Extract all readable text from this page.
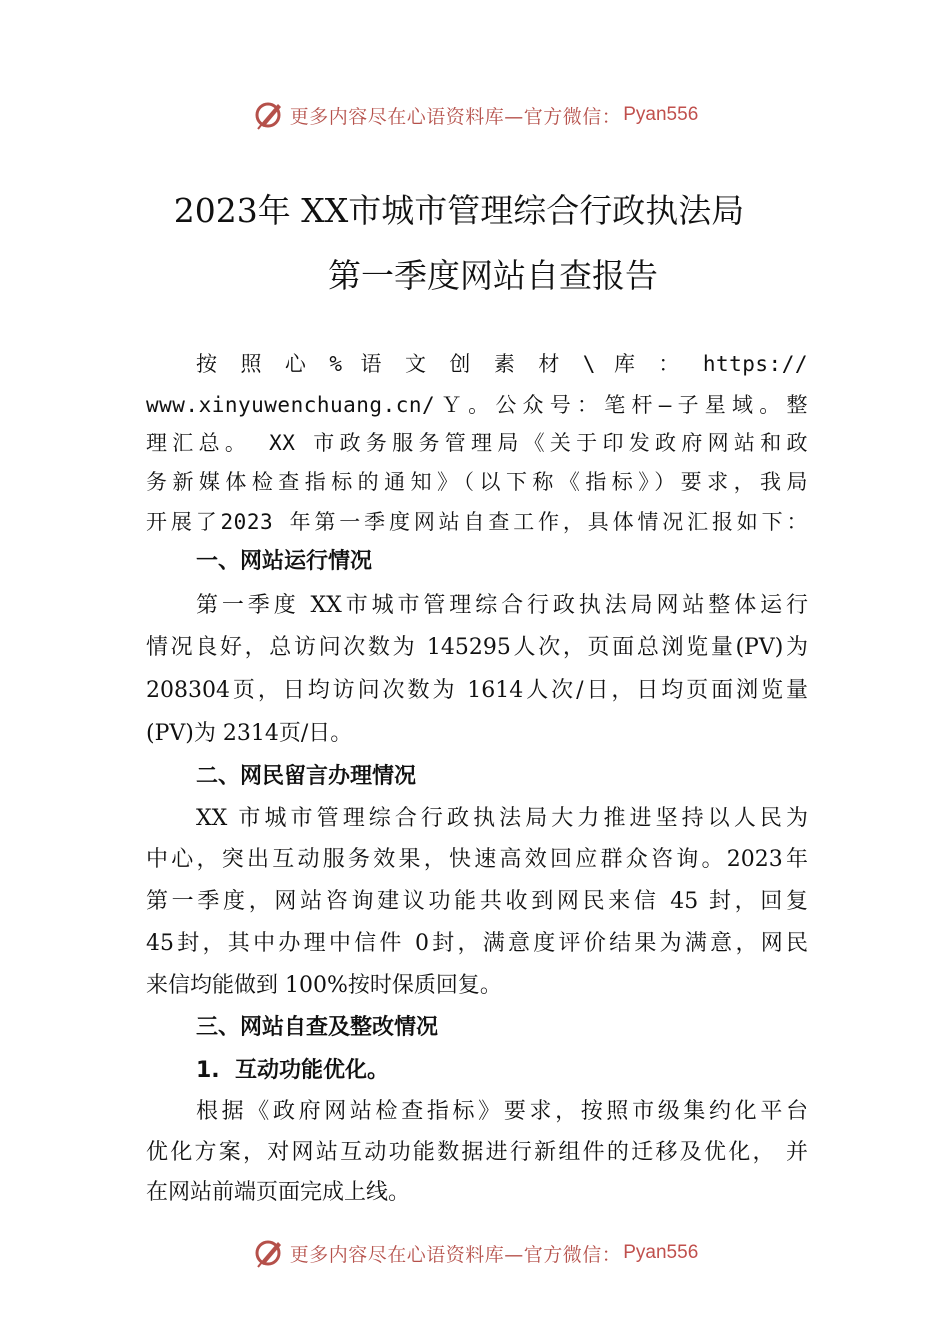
更多内容尽在心语资料库—官方微信： Pyan556
2023年 XX市城市管理综合行政执法局
第一季度网站自查报告
按 照 心 % 语 文 创 素 材 \ 库 ： https://
www.xinyuwenchuang.cn/Ｙ。公众号：笔杆—子星域。整
理汇总。 XX 市政务服务管理局《关于印发政府网站和政
务新媒体检查指标的通知》（以下称《指标》）要求，我局
开展了2023 年第一季度网站自查工作，具体情况汇报如下：
一、网站运行情况
第一季度 XX市城市管理综合行政执法局网站整体运行
情况良好，总访问次数为 145295人次，页面总浏览量(PV)为
208304页，日均访问次数为 1614人次/日，日均页面浏览量
(PV)为 2314页/日。
二、网民留言办理情况
XX 市城市管理综合行政执法局大力推进坚持以人民为
中心，突出互动服务效果，快速高效回应群众咨询。2023年
第一季度，网站咨询建议功能共收到网民来信 45 封，回复
45封，其中办理中信件 0封，满意度评价结果为满意，网民
来信均能做到 100%按时保质回复。
三、网站自查及整改情况
1.  互动功能优化。
根据《政府网站检查指标》要求，按照市级集约化平台
优化方案，对网站互动功能数据进行新组件的迁移及优化， 并
在网站前端页面完成上线。
更多内容尽在心语资料库—官方微信： Pyan556
